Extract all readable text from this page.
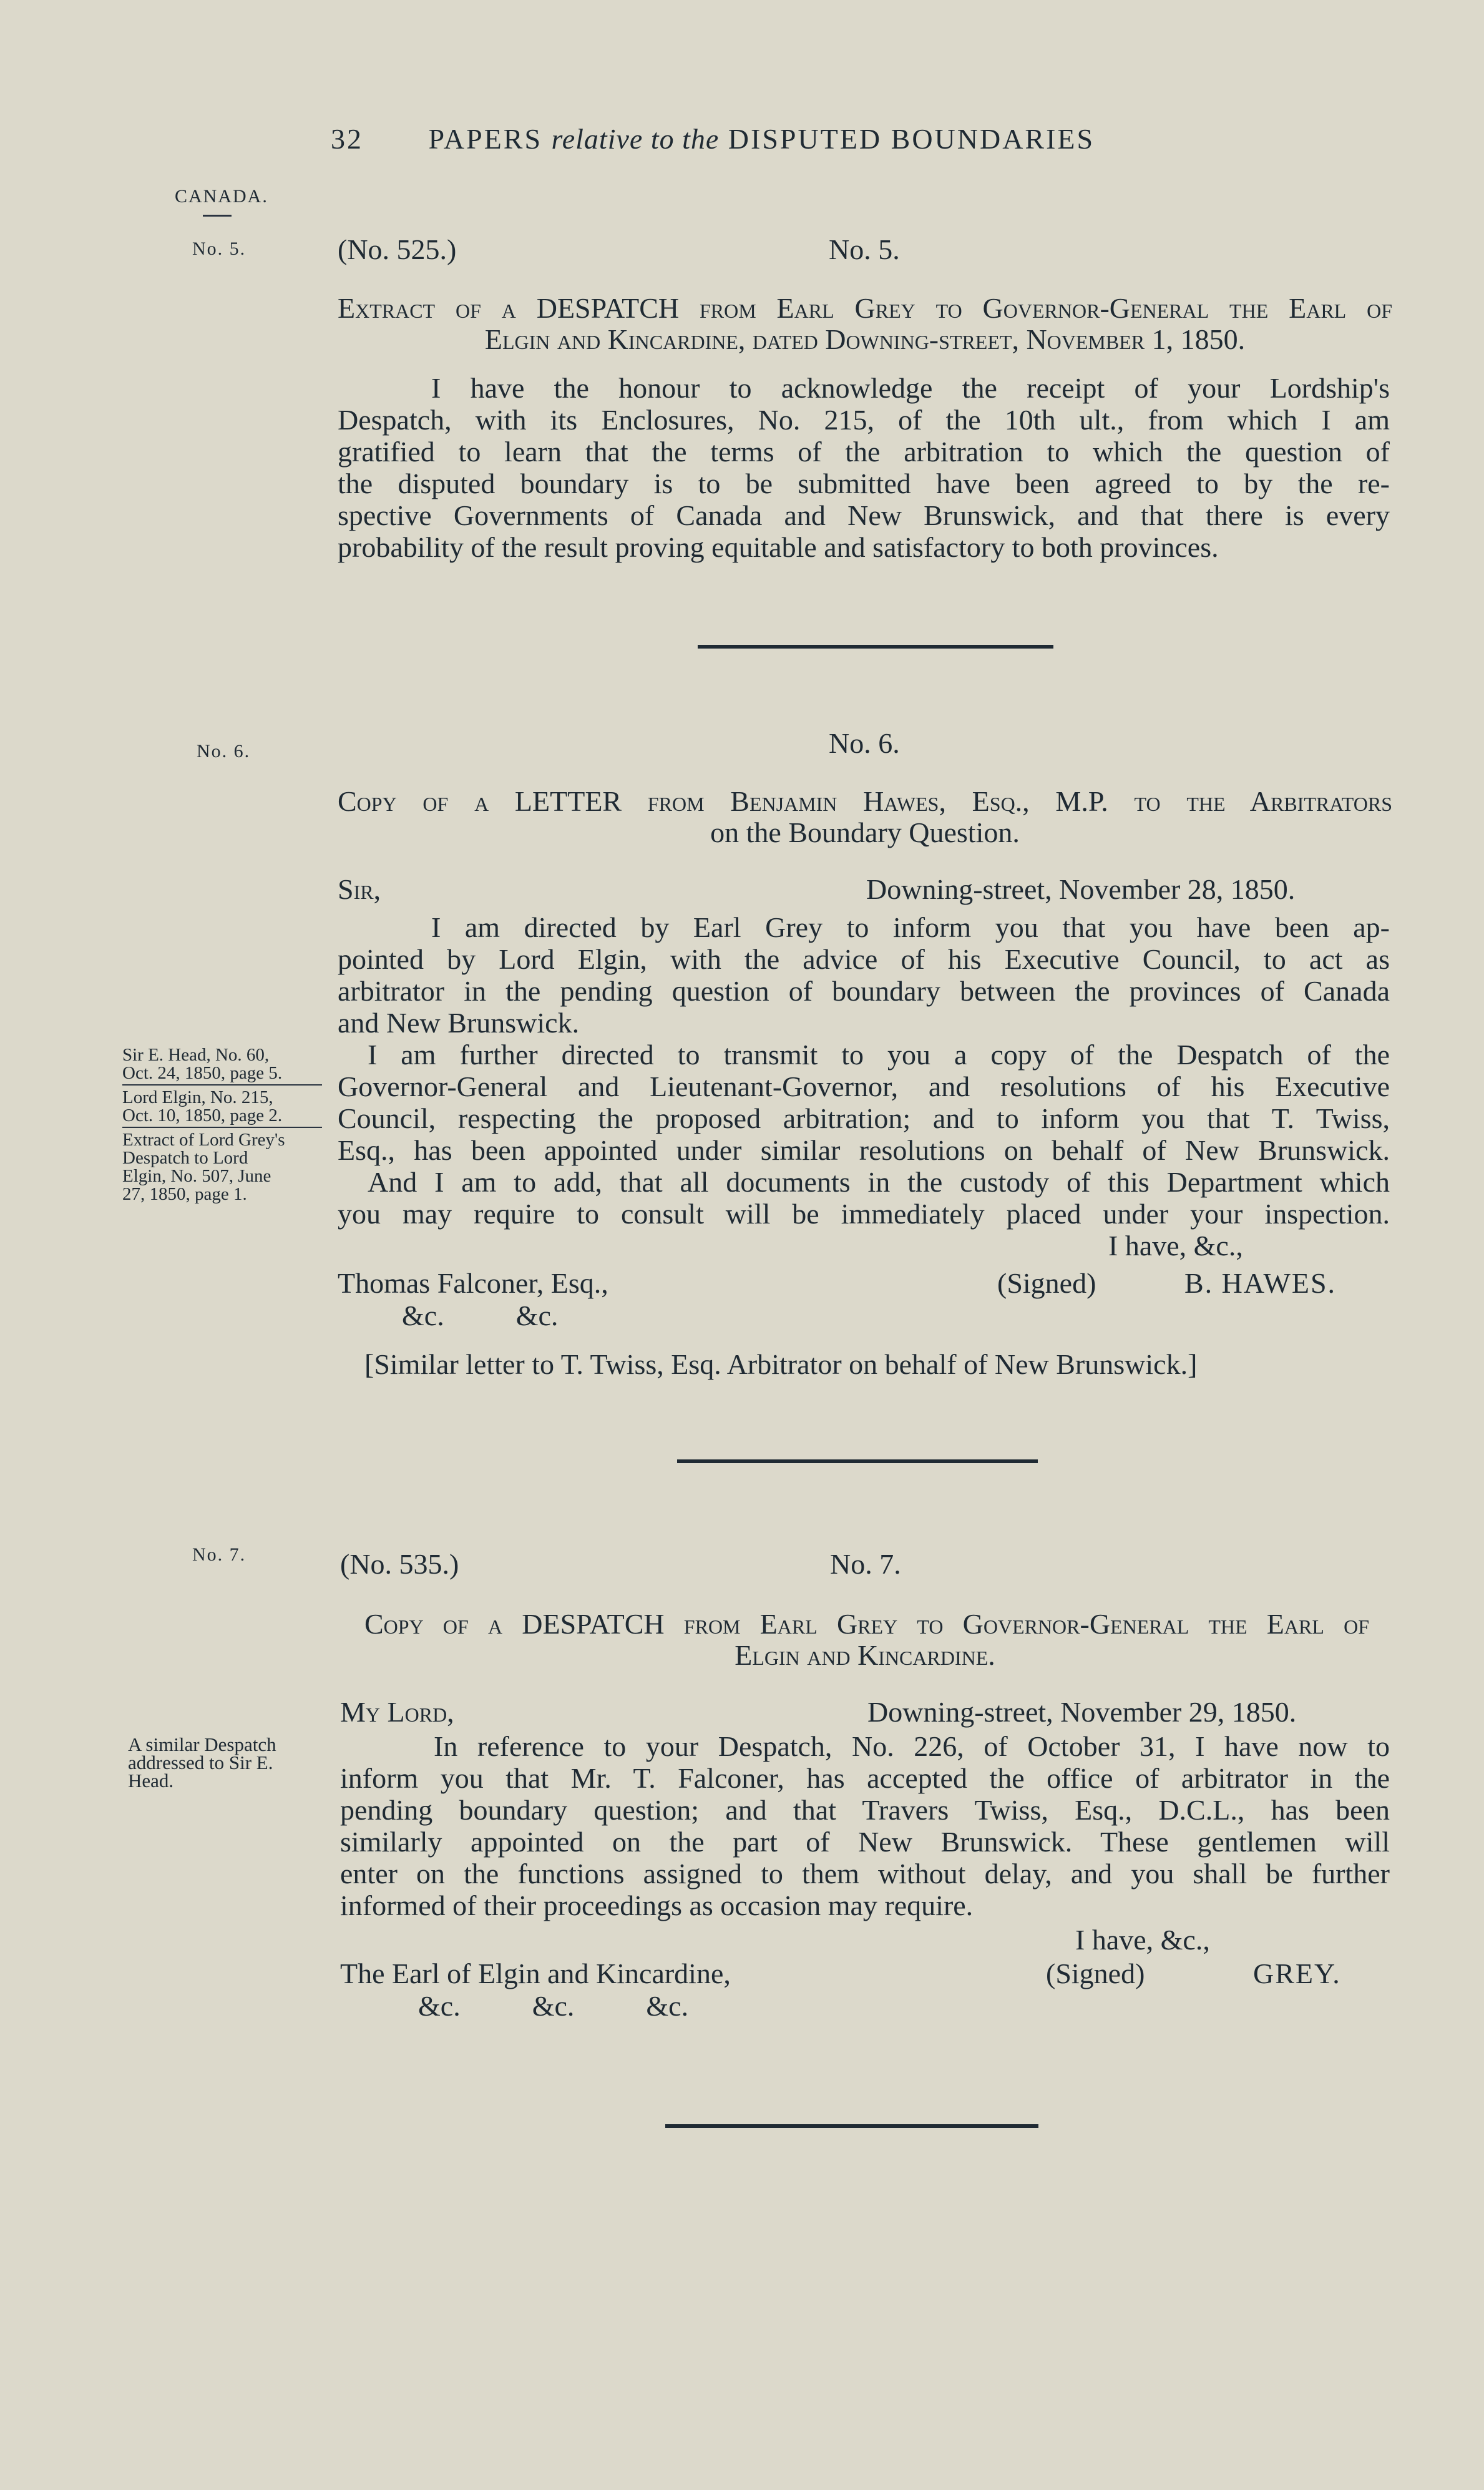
32 PAPERS relative to the DISPUTED BOUNDARIES
CANADA.
No. 5.
No. 6.
Sir E. Head, No. 60,
Oct. 24, 1850, page 5.
Lord Elgin, No. 215,
Oct. 10, 1850, page 2.
Extract of Lord Grey's
Despatch to Lord
Elgin, No. 507, June
27, 1850, page 1.
No. 7.
A similar Despatch
addressed to Sir E.
Head.
(No. 525.)	No. 5.
Extract of a DESPATCH from Earl Grey to Governor-General the Earl of
Elgin and Kincardine, dated Downing-street, November 1, 1850.
I have the honour to acknowledge the receipt of your Lordship's
Despatch, with its Enclosures, No. 215, of the 10th ult., from which I am
gratified to learn that the terms of the arbitration to which the question of
the disputed boundary is to be submitted have been agreed to by the re-
spective Governments of Canada and New Brunswick, and that there is every
probability of the result proving equitable and satisfactory to both provinces.
No. 6.
Copy of a LETTER from Benjamin Hawes, Esq., M.P. to the Arbitrators
on the Boundary Question.
Sir,	Downing-street, November 28, 1850.
I am directed by Earl Grey to inform you that you have been ap-
pointed by Lord Elgin, with the advice of his Executive Council, to act as
arbitrator in the pending question of boundary between the provinces of Canada
and New Brunswick.
I am further directed to transmit to you a copy of the Despatch of the
Governor-General and Lieutenant-Governor, and resolutions of his Executive
Council, respecting the proposed arbitration; and to inform you that T. Twiss,
Esq., has been appointed under similar resolutions on behalf of New Brunswick.
And I am to add, that all documents in the custody of this Department which
you may require to consult will be immediately placed under your inspection.
I have, &c.,
Thomas Falconer, Esq.,	(Signed)	B. HAWES.
&c.          &c.
[Similar letter to T. Twiss, Esq. Arbitrator on behalf of New Brunswick.]
(No. 535.)	No. 7.
Copy of a DESPATCH from Earl Grey to Governor-General the Earl of
Elgin and Kincardine.
My Lord,	Downing-street, November 29, 1850.
In reference to your Despatch, No. 226, of October 31, I have now to
inform you that Mr. T. Falconer, has accepted the office of arbitrator in the
pending boundary question; and that Travers Twiss, Esq., D.C.L., has been
similarly appointed on the part of New Brunswick. These gentlemen will
enter on the functions assigned to them without delay, and you shall be further
informed of their proceedings as occasion may require.
I have, &c.,
The Earl of Elgin and Kincardine,	(Signed)	GREY.
&c.          &c.          &c.
